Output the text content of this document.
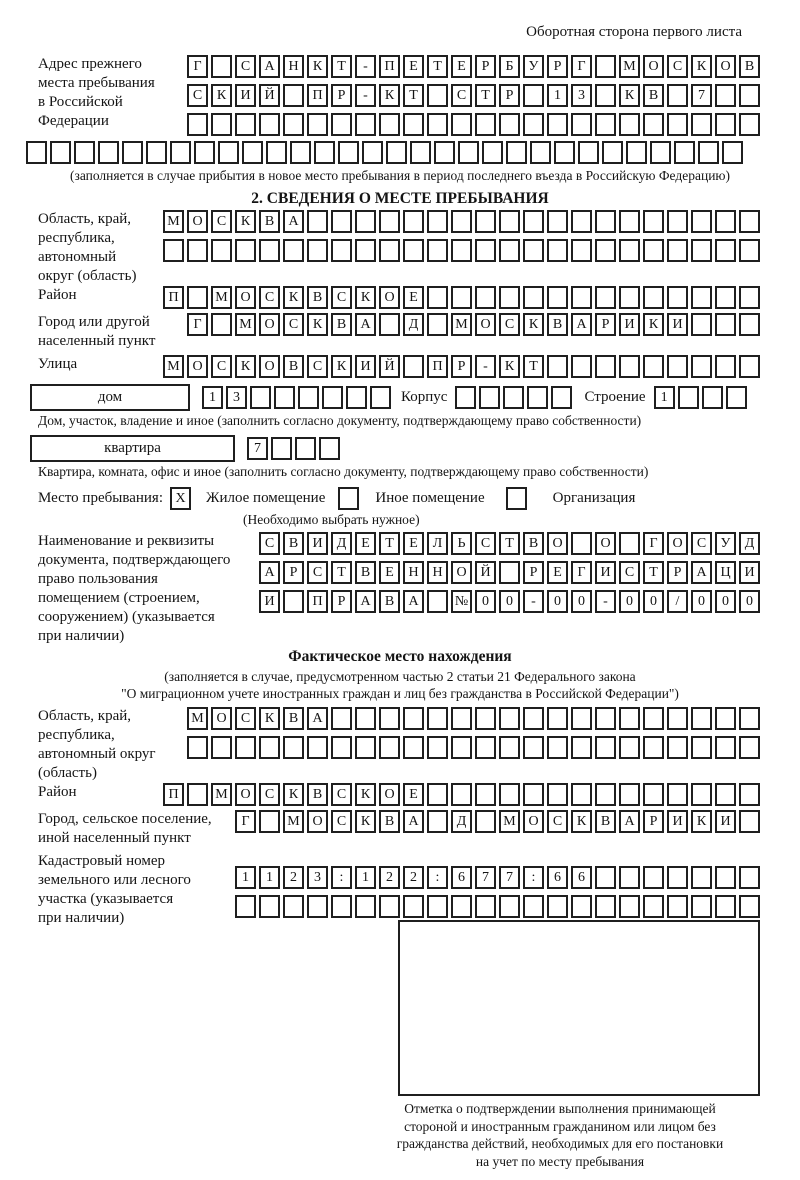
Оборотная сторона первого листа
Адрес прежнего
места пребывания
в Российской
Федерации
Г	С	А Н	К	Т	-	П	Е	Т	Е	Р	Б	У	Р	Г	М О	С	К	О	В
С	К	И Й	П	Р	-	К	Т	С	Т	Р	1	3	К	В	7
(заполняется в случае прибытия в новое место пребывания в период последнего въезда в Российскую Федерацию)
2. СВЕДЕНИЯ О МЕСТЕ ПРЕБЫВАНИЯ
Область, край,
республика,
автономный
округ (область)
М О	С	К	В	А
Район	П	М О	С	К	В	С	К	О	Е
Город или другой
населенный пункт
Г	М О	С	К	В	А	Д	М О	С	К	В	А	Р	И	К	И
Улица	М О	С	К	О	В	С	К	И Й	П	Р	-	К	Т
дом	1	3	Корпус	Строение	1
Дом, участок, владение и иное (заполнить согласно документу, подтверждающему право собственности)
квартира	7
Квартира, комната, офис и иное (заполнить согласно документу, подтверждающему право собственности)
Место пребывания: X	Жилое помещение	Иное помещение	Организация
(Необходимо выбрать нужное)
Наименование и реквизиты
документа, подтверждающего
право пользования
помещением (строением,
сооружением) (указывается
при наличии)
С	В	И	Д	Е	Т	Е	Л	Ь	С	Т	В	О	О	Г	О	С	У	Д
А	Р	С	Т	В	Е	Н Н О Й	Р	Е	Г	И	С	Т	Р	А Ц И
И	П	Р	А	В	А	№ 0	0	-	0	0	-	0	0	/	0	0	0
Фактическое место нахождения
(заполняется в случае, предусмотренном частью 2 статьи 21 Федерального закона
"О миграционном учете иностранных граждан и лиц без гражданства в Российской Федерации")
Область, край,
республика,
автономный округ
(область)
М О	С	К	В	А
Район	П	М О	С	К	В	С	К	О	Е
Город, сельское поселение,
иной населенный пункт
Г	М О	С	К	В	А	Д	М О	С	К	В	А	Р	И	К	И
Кадастровый номер
земельного или лесного
участка (указывается
при наличии)
1	1	2	3	:	1	2	2	:	6	7	7	:	6	6
Отметка о подтверждении выполнения принимающей
стороной и иностранным гражданином или лицом без
гражданства действий, необходимых для его постановки
на учет по месту пребывания
